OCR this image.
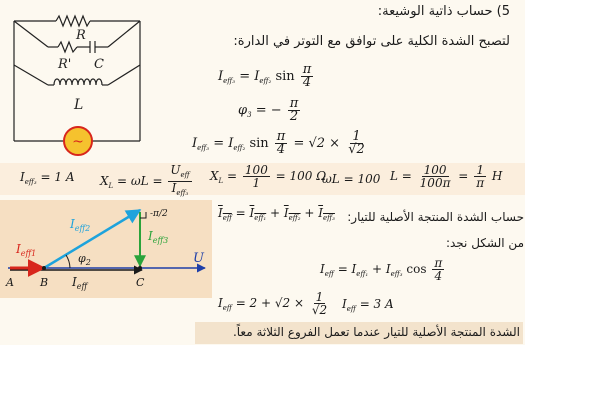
~
R
R' C
L
5) حساب ذاتية الوشيعة:
لتصبح الشدة الكلية على توافق مع التوتر في الدارة:
$I_{eff_3} = I_{eff_2}$ $\sin \frac{\pi}{4}$
$\varphi_3$ = − $\frac{\pi}{2}$
$I_{eff_3} = I_{eff_2}$ $\sin \frac{\pi}{4} = √2 \times \frac{1}{√2}$
$I_{eff_3} = 1$ A $X_L = \omega L = \frac{U_{eff}}{I_{eff_3}} X_L = \frac{100}{1} = 100$ Ω
ωL = 100 $L = \frac{100}{100\pi} = \frac{1}{\pi}$ H
$I_{eff} = I_{eff_1} + I_{eff_2} + I_{eff_3}$ حساب الشدة المنتجة الأصلية للتيار:
من الشكل نجد:
$I_{eff} = I_{eff_1} + I_{eff_3}$ $\cos \frac{\pi}{4}$
$I_{eff} = 2 + √2 \times \frac{1}{√2} I_{eff} = 3$ A
الشدة المنتجة الأصلية للتيار عندما تعمل الفروع الثلاثة معاً.
$I_{eff1}$
$I_{eff2}$
$I_{eff3}$
$I_{eff}$
$\varphi_2$
-π/2
A B	C
U
